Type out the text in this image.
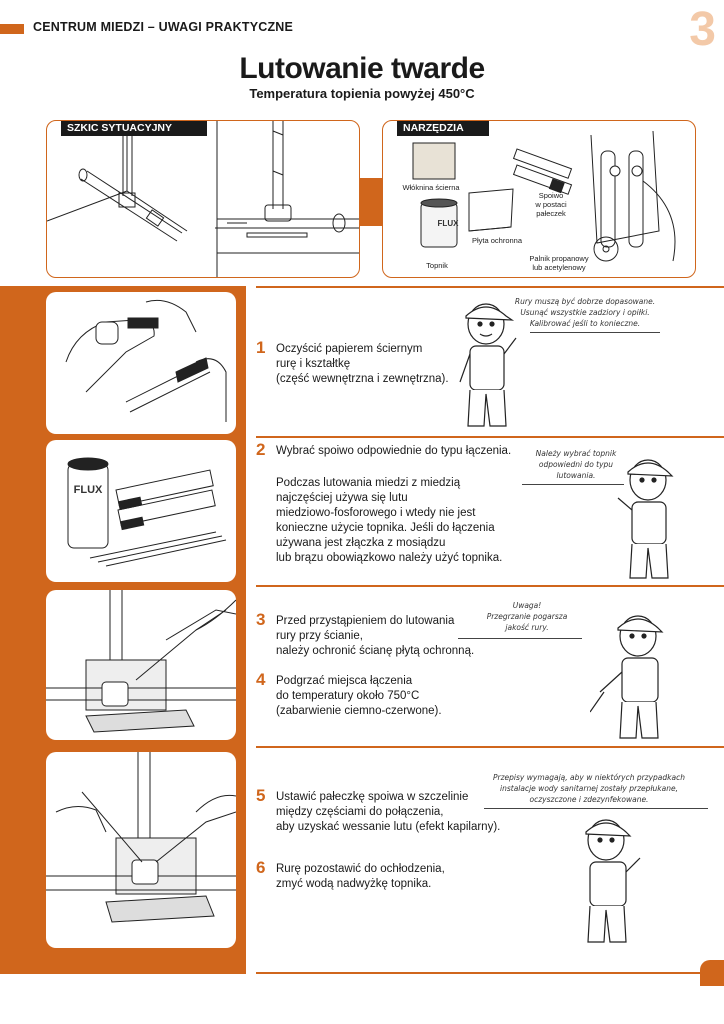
CENTRUM MIEDZI – UWAGI PRAKTYCZNE	3
Lutowanie twarde
Temperatura topienia powyżej 450°C
SZKIC SYTUACYJNY	NARZĘDZIA
FLUX
Włóknina ścierna
Topnik
Płyta ochronna
Spoiwo
w postaci
pałeczek
Palnik propanowy
lub acetylenowy
FLUX
1 Oczyścić papierem ściernym
rurę i kształtkę
(część wewnętrzna i zewnętrzna).
2 Wybrać spoiwo odpowiednie do typu łączenia.
Podczas lutowania miedzi z miedzią
najczęściej używa się lutu
miedziowo-fosforowego i wtedy nie jest
konieczne użycie topnika. Jeśli do łączenia
używana jest złączka z mosiądzu
lub brązu obowiązkowo należy użyć topnika.
3 Przed przystąpieniem do lutowania
rury przy ścianie,
należy ochronić ścianę płytą ochronną.
4 Podgrzać miejsca łączenia
do temperatury około 750°C
(zabarwienie ciemno-czerwone).
5 Ustawić pałeczkę spoiwa w szczelinie
między częściami do połączenia,
aby uzyskać wessanie lutu (efekt kapilarny).
6 Rurę pozostawić do ochłodzenia,
zmyć wodą nadwyżkę topnika.
Rury muszą być dobrze dopasowane.
Usunąć wszystkie zadziory i opiłki.
Kalibrować jeśli to konieczne.
Należy wybrać topnik
odpowiedni do typu
lutowania.
Uwaga!
Przegrzanie pogarsza
jakość rury.
Przepisy wymagają, aby w niektórych przypadkach
instalacje wody sanitarnej zostały przepłukane,
oczyszczone i zdezynfekowane.
